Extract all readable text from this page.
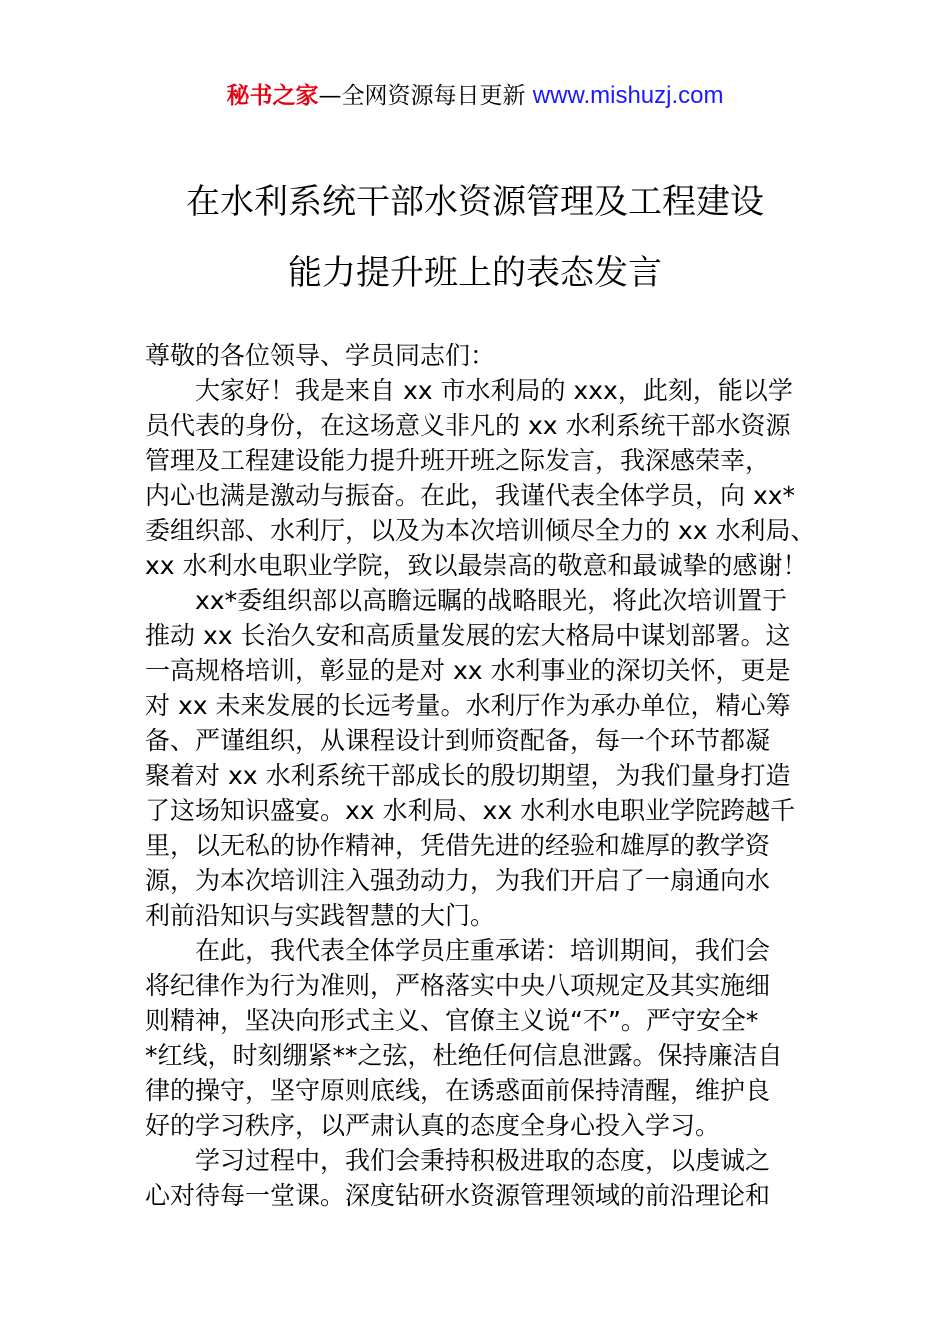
秘书之家—全网资源每日更新 www.mishuzj.com
在水利系统干部水资源管理及工程建设
能力提升班上的表态发言
尊敬的各位领导、学员同志们：
大家好！我是来自 xx 市水利局的 xxx，此刻，能以学
员代表的身份，在这场意义非凡的 xx 水利系统干部水资源
管理及工程建设能力提升班开班之际发言，我深感荣幸，
内心也满是激动与振奋。在此，我谨代表全体学员，向 xx*
委组织部、水利厅，以及为本次培训倾尽全力的 xx 水利局、
xx 水利水电职业学院，致以最崇高的敬意和最诚挚的感谢！
xx*委组织部以高瞻远瞩的战略眼光，将此次培训置于
推动 xx 长治久安和高质量发展的宏大格局中谋划部署。这
一高规格培训，彰显的是对 xx 水利事业的深切关怀，更是
对 xx 未来发展的长远考量。水利厅作为承办单位，精心筹
备、严谨组织，从课程设计到师资配备，每一个环节都凝
聚着对 xx 水利系统干部成长的殷切期望，为我们量身打造
了这场知识盛宴。xx 水利局、xx 水利水电职业学院跨越千
里，以无私的协作精神，凭借先进的经验和雄厚的教学资
源，为本次培训注入强劲动力，为我们开启了一扇通向水
利前沿知识与实践智慧的大门。
在此，我代表全体学员庄重承诺：培训期间，我们会
将纪律作为行为准则，严格落实中央八项规定及其实施细
则精神，坚决向形式主义、官僚主义说“不”。严守安全*
*红线，时刻绷紧**之弦，杜绝任何信息泄露。保持廉洁自
律的操守，坚守原则底线，在诱惑面前保持清醒，维护良
好的学习秩序，以严肃认真的态度全身心投入学习。
学习过程中，我们会秉持积极进取的态度，以虔诚之
心对待每一堂课。深度钻研水资源管理领域的前沿理论和
